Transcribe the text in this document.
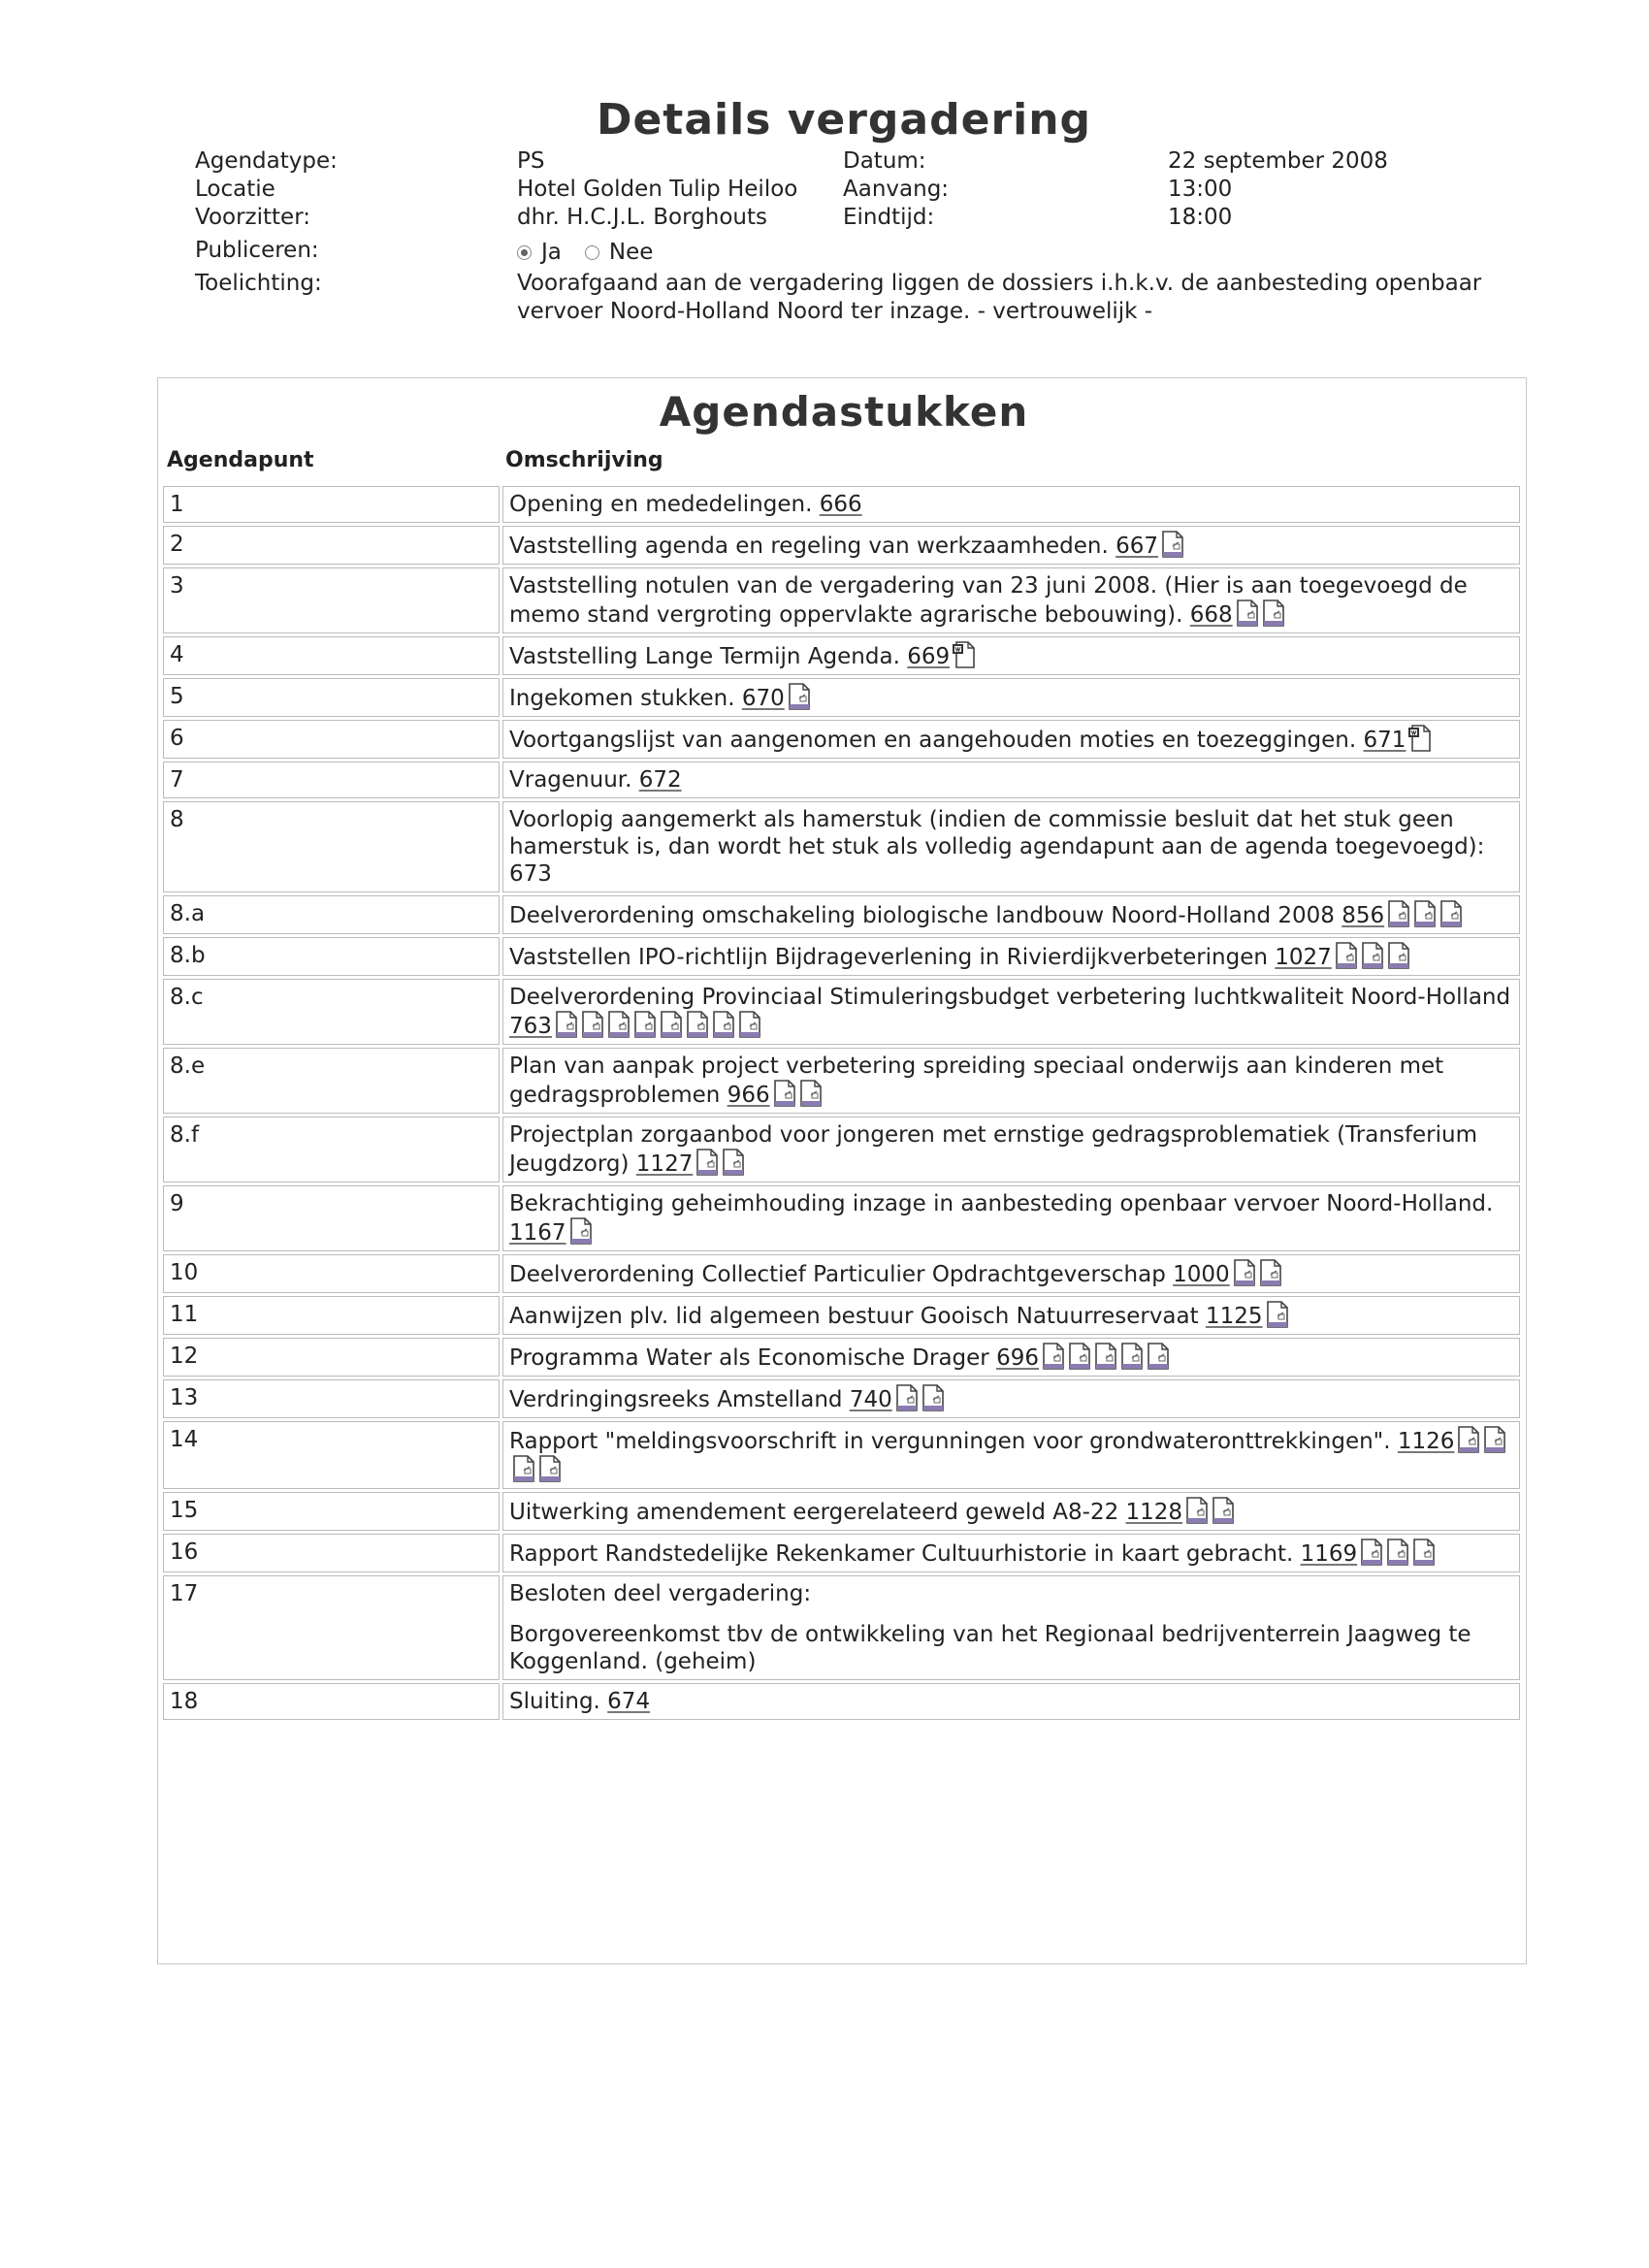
Details vergadering
Agendatype:	PS	Datum:	22 september 2008
Locatie	Hotel Golden Tulip Heiloo Aanvang:	13:00
Voorzitter:	dhr. H.C.J.L. Borghouts	Eindtijd:	18:00
Publiceren:	Ja Nee
Toelichting:	Voorafgaand aan de vergadering liggen de dossiers i.h.k.v. de aanbesteding openbaar vervoer Noord-Holland Noord ter inzage. - vertrouwelijk -
Agendastukken
Agendapunt	Omschrijving
1	Opening en mededelingen. 666
2	Vaststelling agenda en regeling van werkzaamheden. 667

3	Vaststelling notulen van de vergadering van 23 juni 2008. (Hier is aan toegevoegd de memo stand vergroting oppervlakte agrarische bebouwing). 668

4	Vaststelling Lange Termijn Agenda. 669

5	Ingekomen stukken. 670

6	Voortgangslijst van aangenomen en aangehouden moties en toezeggingen. 671

7	Vragenuur. 672
8	Voorlopig aangemerkt als hamerstuk (indien de commissie besluit dat het stuk geen hamerstuk is, dan wordt het stuk als volledig agendapunt aan de agenda toegevoegd): 673
8.a	Deelverordening omschakeling biologische landbouw Noord-Holland 2008 856

8.b	Vaststellen IPO-richtlijn Bijdrageverlening in Rivierdijkverbeteringen 1027

8.c	Deelverordening Provinciaal Stimuleringsbudget verbetering luchtkwaliteit Noord-Holland 763

8.e	Plan van aanpak project verbetering spreiding speciaal onderwijs aan kinderen met gedragsproblemen 966

8.f	Projectplan zorgaanbod voor jongeren met ernstige gedragsproblematiek (Transferium Jeugdzorg) 1127

9	Bekrachtiging geheimhouding inzage in aanbesteding openbaar vervoer Noord-Holland. 1167

10	Deelverordening Collectief Particulier Opdrachtgeverschap 1000

11	Aanwijzen plv. lid algemeen bestuur Gooisch Natuurreservaat 1125

12	Programma Water als Economische Drager 696

13	Verdringingsreeks Amstelland 740

14	Rapport "meldingsvoorschrift in vergunningen voor grondwateronttrekkingen". 1126

15	Uitwerking amendement eergerelateerd geweld A8-22 1128

16	Rapport Randstedelijke Rekenkamer Cultuurhistorie in kaart gebracht. 1169

17	Besloten deel vergadering:
Borgovereenkomst tbv de ontwikkeling van het Regionaal bedrijventerrein Jaagweg te Koggenland. (geheim)
18	Sluiting. 674
